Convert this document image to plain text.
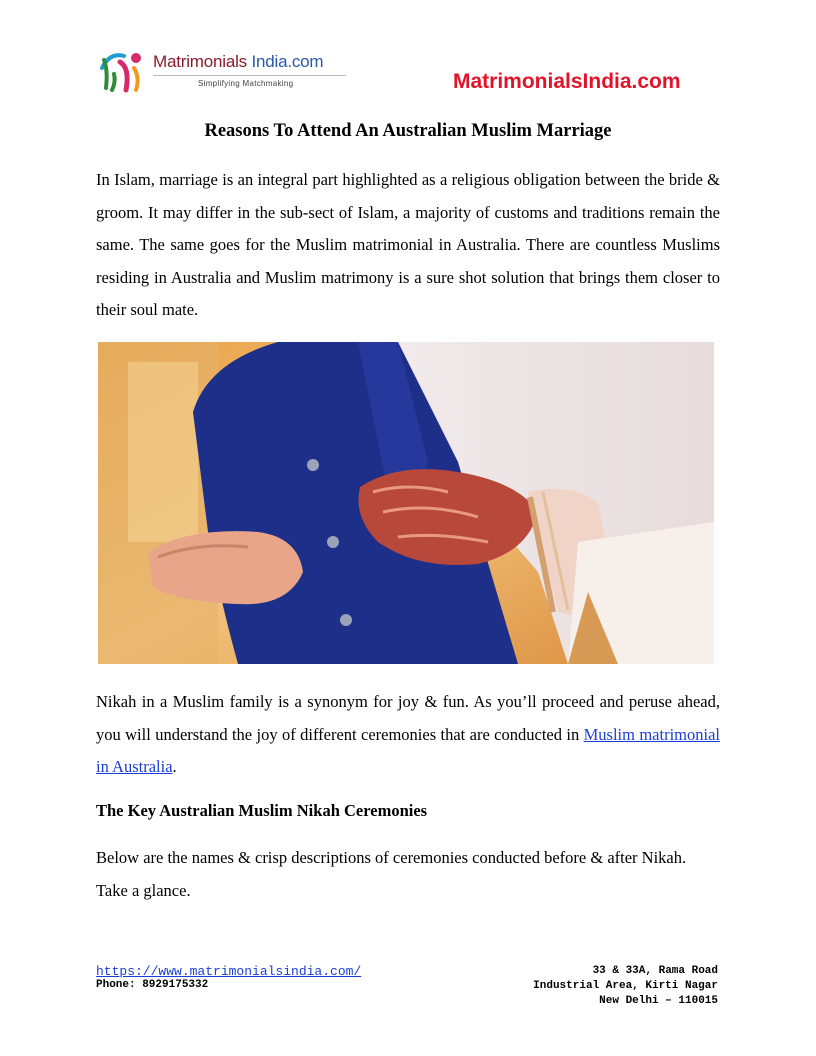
Matrimonials India.com
Simplifying Matchmaking	MatrimonialsIndia.com
Reasons To Attend An Australian Muslim Marriage

In Islam, marriage is an integral part highlighted as a religious obligation between the bride & groom. It may differ in the sub-sect of Islam, a majority of customs and traditions remain the same. The same goes for the Muslim matrimonial in Australia. There are countless Muslims residing in Australia and Muslim matrimony is a sure shot solution that brings them closer to their soul mate.

Nikah in a Muslim family is a synonym for joy & fun. As you’ll proceed and peruse ahead, you will understand the joy of different ceremonies that are conducted in Muslim matrimonial in Australia.

The Key Australian Muslim Nikah Ceremonies

Below are the names & crisp descriptions of ceremonies conducted before & after Nikah. Take a glance.

https://www.matrimonialsindia.com/
Phone: 8929175332
33 & 33A, Rama Road
Industrial Area, Kirti Nagar
New Delhi – 110015
